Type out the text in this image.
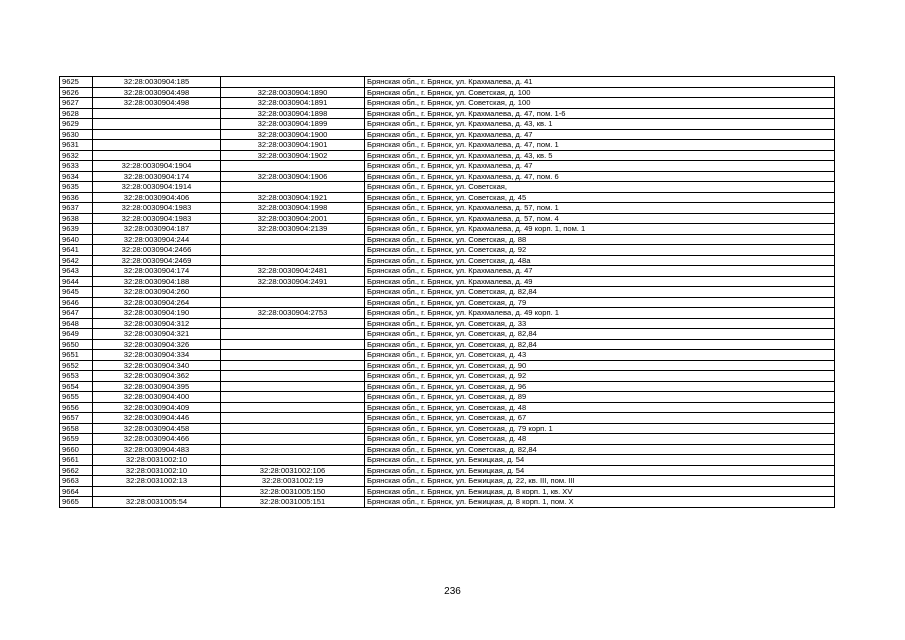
9625	32:28:0030904:185		Брянская обл., г. Брянск, ул. Крахмалева, д. 41
9626	32:28:0030904:498	32:28:0030904:1890	Брянская обл., г. Брянск, ул. Советская, д. 100
9627	32:28:0030904:498	32:28:0030904:1891	Брянская обл., г. Брянск, ул. Советская, д. 100
9628		32:28:0030904:1898	Брянская обл., г. Брянск, ул. Крахмалева, д. 47, пом. 1-6
9629		32:28:0030904:1899	Брянская обл., г. Брянск, ул. Крахмалева, д. 43, кв. 1
9630		32:28:0030904:1900	Брянская обл., г. Брянск, ул. Крахмалева, д. 47
9631		32:28:0030904:1901	Брянская обл., г. Брянск, ул. Крахмалева, д. 47, пом. 1
9632		32:28:0030904:1902	Брянская обл., г. Брянск, ул. Крахмалева, д. 43, кв. 5
9633	32:28:0030904:1904		Брянская обл., г. Брянск, ул. Крахмалева, д. 47
9634	32:28:0030904:174	32:28:0030904:1906	Брянская обл., г. Брянск, ул. Крахмалева, д. 47, пом. 6
9635	32:28:0030904:1914		Брянская обл., г. Брянск, ул. Советская,
9636	32:28:0030904:406	32:28:0030904:1921	Брянская обл., г. Брянск, ул. Советская, д. 45
9637	32:28:0030904:1983	32:28:0030904:1998	Брянская обл., г. Брянск, ул. Крахмалева, д. 57, пом. 1
9638	32:28:0030904:1983	32:28:0030904:2001	Брянская обл., г. Брянск, ул. Крахмалева, д. 57, пом. 4
9639	32:28:0030904:187	32:28:0030904:2139	Брянская обл., г. Брянск, ул. Крахмалева, д. 49 корп. 1, пом. 1
9640	32:28:0030904:244		Брянская обл., г. Брянск, ул. Советская, д. 88
9641	32:28:0030904:2466		Брянская обл., г. Брянск, ул. Советская, д. 92
9642	32:28:0030904:2469		Брянская обл., г. Брянск, ул. Советская, д. 48а
9643	32:28:0030904:174	32:28:0030904:2481	Брянская обл., г. Брянск, ул. Крахмалева, д. 47
9644	32:28:0030904:188	32:28:0030904:2491	Брянская обл., г. Брянск, ул. Крахмалева, д. 49
9645	32:28:0030904:260		Брянская обл., г. Брянск, ул. Советская, д. 82,84
9646	32:28:0030904:264		Брянская обл., г. Брянск, ул. Советская, д. 79
9647	32:28:0030904:190	32:28:0030904:2753	Брянская обл., г. Брянск, ул. Крахмалева, д. 49 корп. 1
9648	32:28:0030904:312		Брянская обл., г. Брянск, ул. Советская, д. 33
9649	32:28:0030904:321		Брянская обл., г. Брянск, ул. Советская, д. 82,84
9650	32:28:0030904:326		Брянская обл., г. Брянск, ул. Советская, д. 82,84
9651	32:28:0030904:334		Брянская обл., г. Брянск, ул. Советская, д. 43
9652	32:28:0030904:340		Брянская обл., г. Брянск, ул. Советская, д. 90
9653	32:28:0030904:362		Брянская обл., г. Брянск, ул. Советская, д. 92
9654	32:28:0030904:395		Брянская обл., г. Брянск, ул. Советская, д. 96
9655	32:28:0030904:400		Брянская обл., г. Брянск, ул. Советская, д. 89
9656	32:28:0030904:409		Брянская обл., г. Брянск, ул. Советская, д. 48
9657	32:28:0030904:446		Брянская обл., г. Брянск, ул. Советская, д. 67
9658	32:28:0030904:458		Брянская обл., г. Брянск, ул. Советская, д. 79 корп. 1
9659	32:28:0030904:466		Брянская обл., г. Брянск, ул. Советская, д. 48
9660	32:28:0030904:483		Брянская обл., г. Брянск, ул. Советская, д. 82,84
9661	32:28:0031002:10		Брянская обл., г. Брянск, ул. Бежицкая, д. 54
9662	32:28:0031002:10	32:28:0031002:106	Брянская обл., г. Брянск, ул. Бежицкая, д. 54
9663	32:28:0031002:13	32:28:0031002:19	Брянская обл., г. Брянск, ул. Бежицкая, д. 22, кв. III, пом. III
9664		32:28:0031005:150	Брянская обл., г. Брянск, ул. Бежицкая, д. 8 корп. 1, кв. XV
9665	32:28:0031005:54	32:28:0031005:151	Брянская обл., г. Брянск, ул. Бежицкая, д. 8 корп. 1, пом. X
236
